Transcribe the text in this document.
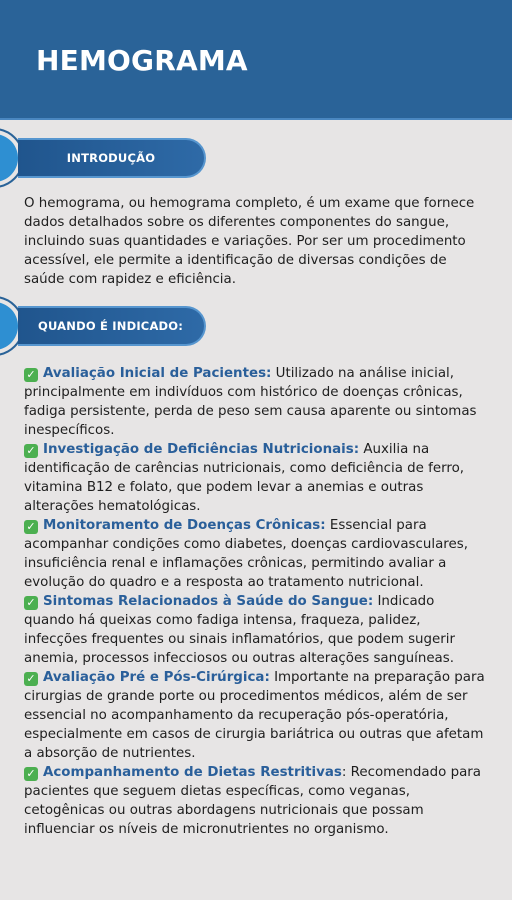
HEMOGRAMA
INTRODUÇÃO

O hemograma, ou hemograma completo, é um exame que fornece dados detalhados sobre os diferentes componentes do sangue, incluindo suas quantidades e variações. Por ser um procedimento acessível, ele permite a identificação de diversas condições de saúde com rapidez e eficiência.

QUANDO É INDICADO:

✓ Avaliação Inicial de Pacientes: Utilizado na análise inicial, principalmente em indivíduos com histórico de doenças crônicas, fadiga persistente, perda de peso sem causa aparente ou sintomas inespecíficos.

✓ Investigação de Deficiências Nutricionais: Auxilia na identificação de carências nutricionais, como deficiência de ferro, vitamina B12 e folato, que podem levar a anemias e outras alterações hematológicas.

✓ Monitoramento de Doenças Crônicas: Essencial para acompanhar condições como diabetes, doenças cardiovasculares, insuficiência renal e inflamações crônicas, permitindo avaliar a evolução do quadro e a resposta ao tratamento nutricional.

✓ Sintomas Relacionados à Saúde do Sangue: Indicado quando há queixas como fadiga intensa, fraqueza, palidez, infecções frequentes ou sinais inflamatórios, que podem sugerir anemia, processos infecciosos ou outras alterações sanguíneas.

✓ Avaliação Pré e Pós-Cirúrgica: Importante na preparação para cirurgias de grande porte ou procedimentos médicos, além de ser essencial no acompanhamento da recuperação pós-operatória, especialmente em casos de cirurgia bariátrica ou outras que afetam a absorção de nutrientes.

✓ Acompanhamento de Dietas Restritivas: Recomendado para pacientes que seguem dietas específicas, como veganas, cetogênicas ou outras abordagens nutricionais que possam influenciar os níveis de micronutrientes no organismo.
